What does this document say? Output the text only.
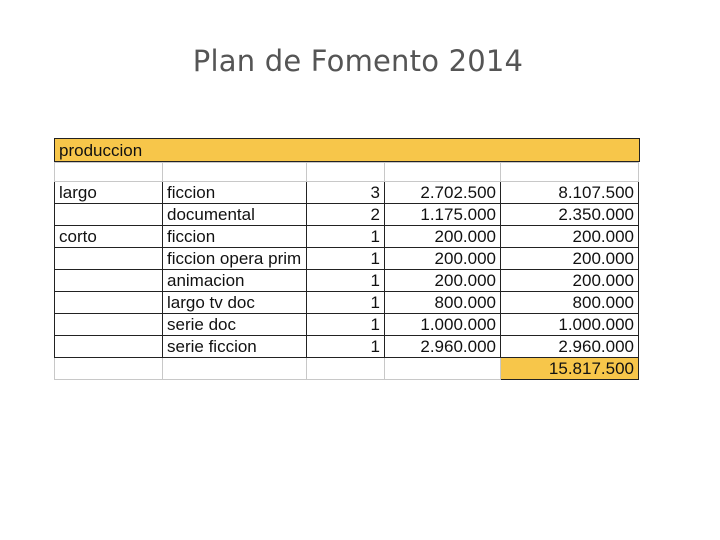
Plan de Fomento 2014
produccion

largo	ficcion	3	2.702.500	8.107.500
	documental	2	1.175.000	2.350.000
corto	ficcion	1	200.000	200.000
	ficcion opera prim	1	200.000	200.000
	animacion	1	200.000	200.000
	largo tv doc	1	800.000	800.000
	serie doc	1	1.000.000	1.000.000
	serie ficcion	1	2.960.000	2.960.000
				15.817.500
